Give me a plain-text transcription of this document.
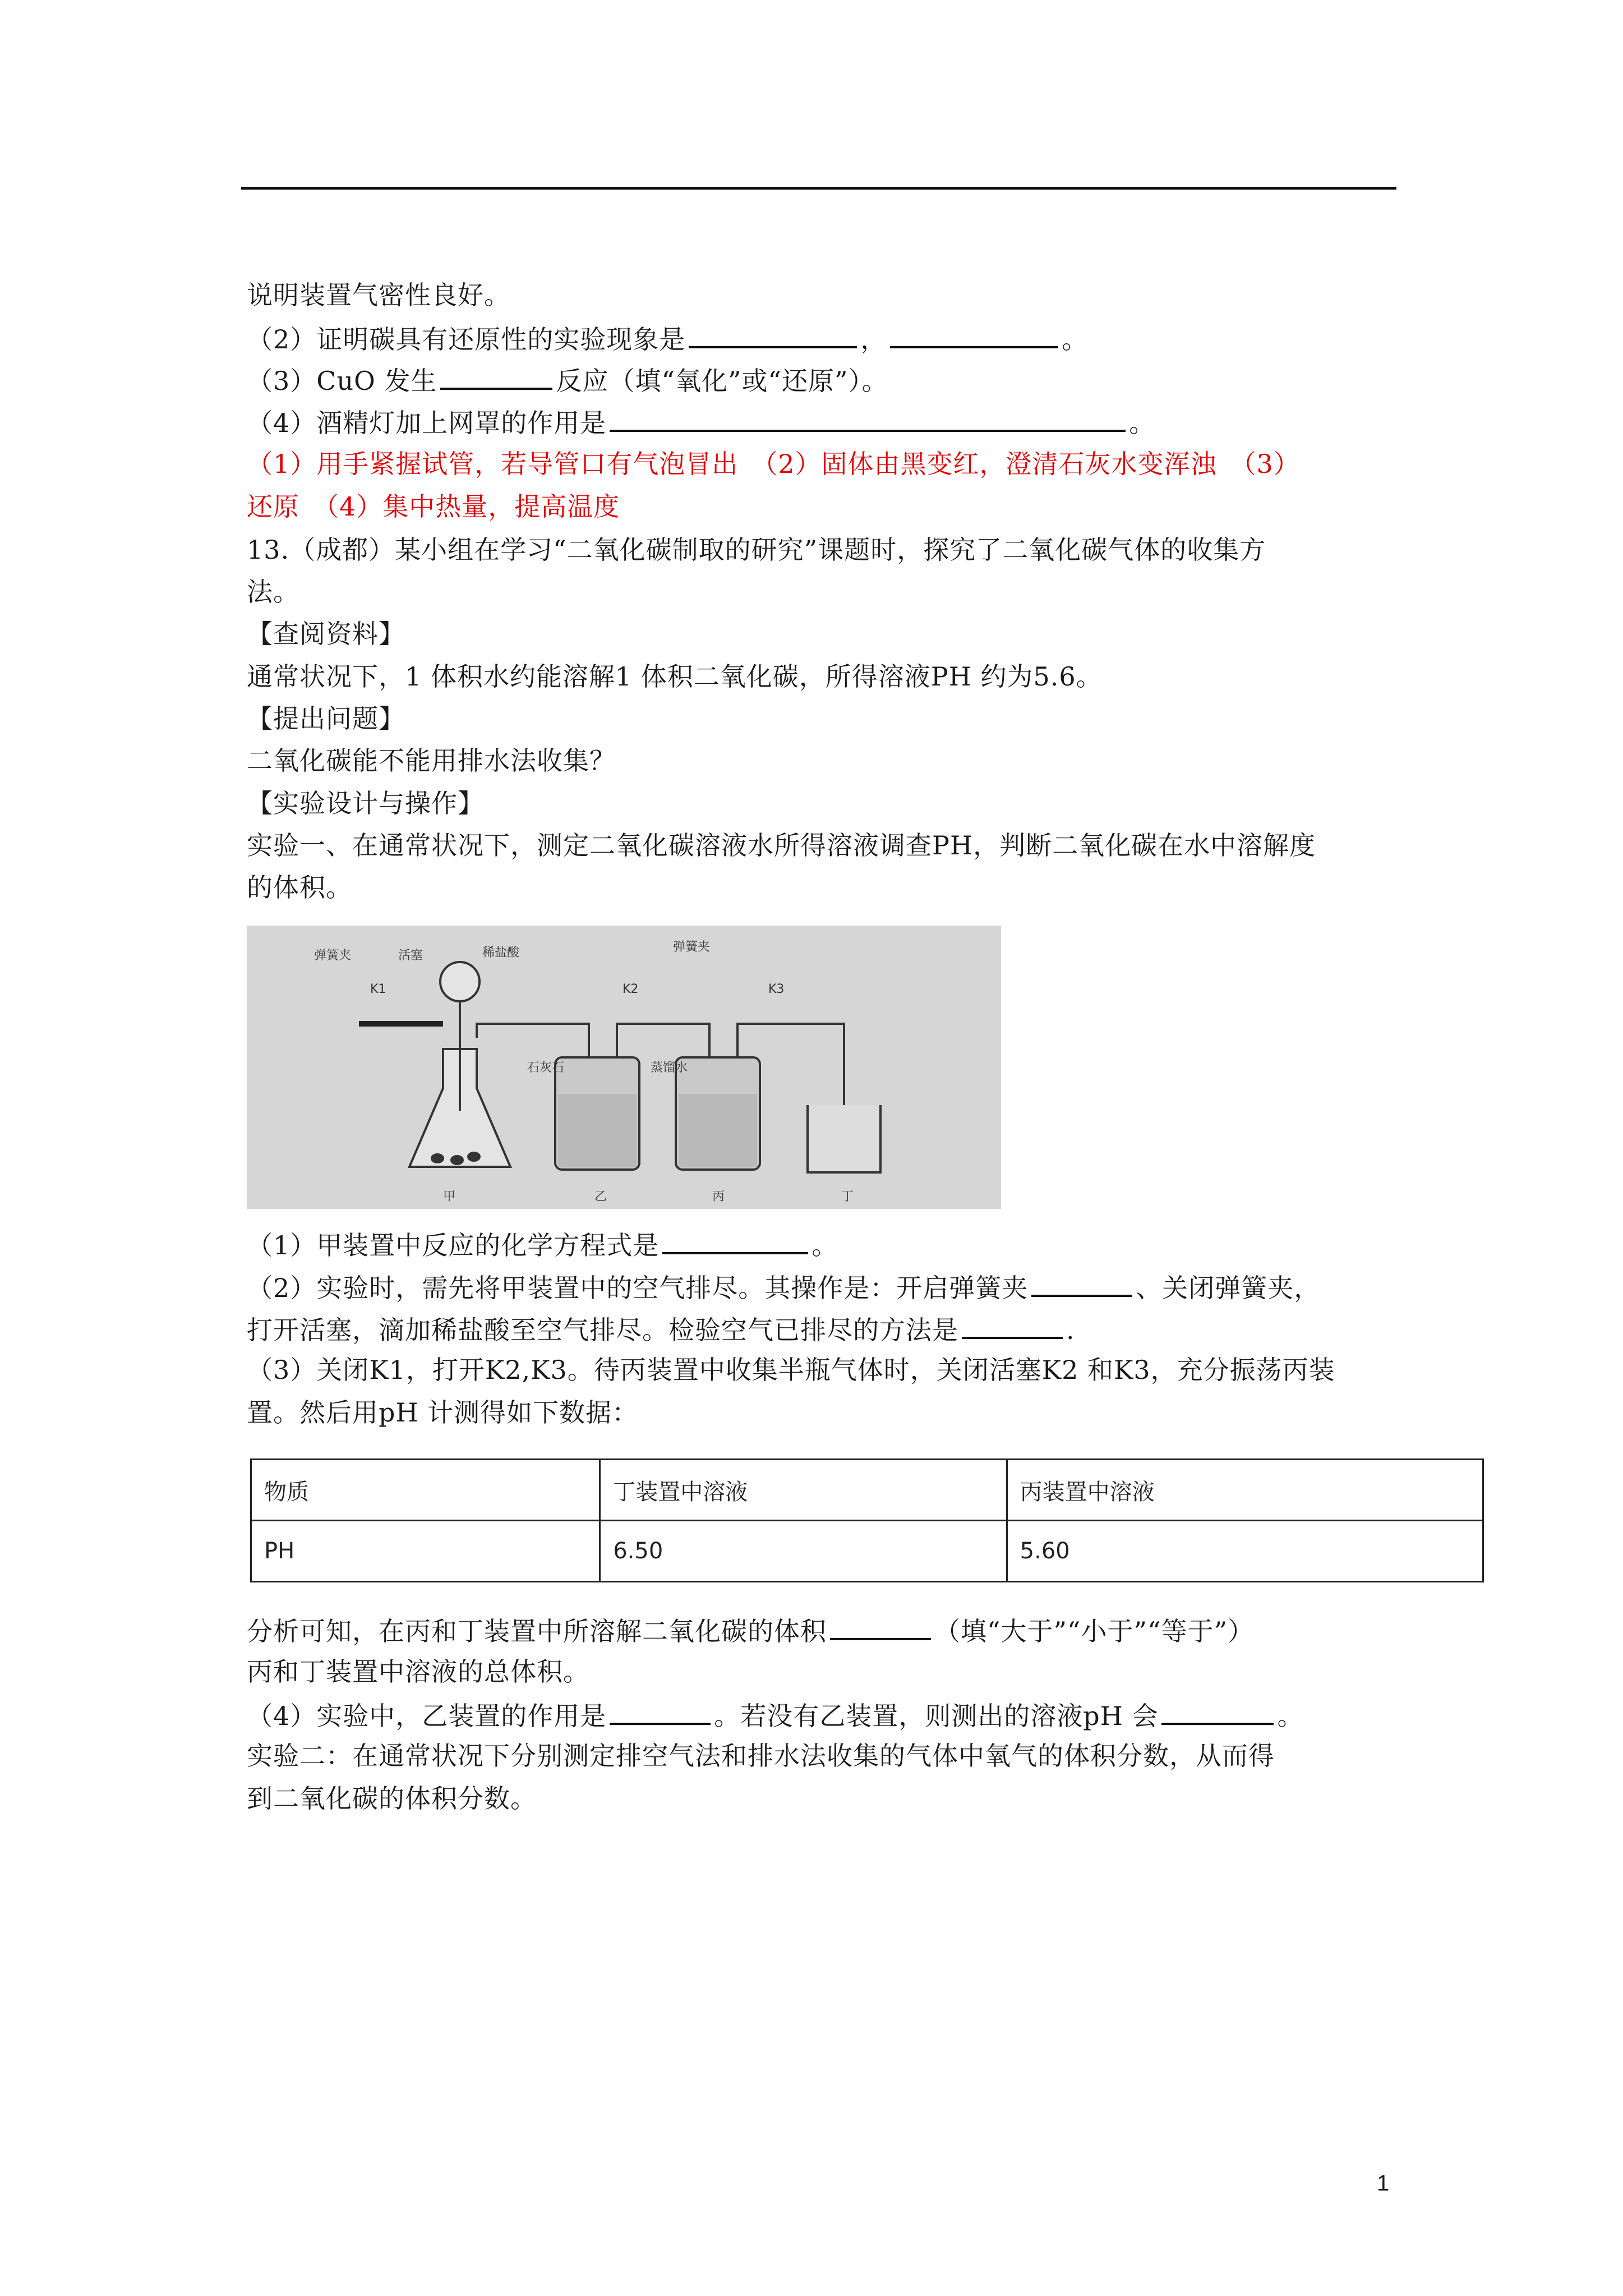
说明装置气密性良好。
（2）证明碳具有还原性的实验现象是	，	。
（3）CuO 发生	反应（填“氧化”或“还原”）。
（4）酒精灯加上网罩的作用是	。
（1）用手紧握试管，若导管口有气泡冒出　（2）固体由黑变红，澄清石灰水变浑浊　（3）
还原　（4）集中热量，提高温度
13.（成都）某小组在学习“二氧化碳制取的研究”课题时，探究了二氧化碳气体的收集方
法。
【查阅资料】
通常状况下，1 体积水约能溶解1 体积二氧化碳，所得溶液PH 约为5.6。
【提出问题】
二氧化碳能不能用排水法收集？
【实验设计与操作】
实验一、在通常状况下，测定二氧化碳溶液水所得溶液调查PH，判断二氧化碳在水中溶解度
的体积。
弹簧夹	活塞	稀盐酸	弹簧夹
K1	K2	K3
石灰石	蒸馏水
甲	乙	丙	丁
（1）甲装置中反应的化学方程式是	。
（2）实验时，需先将甲装置中的空气排尽。其操作是：开启弹簧夹	、关闭弹簧夹，
打开活塞，滴加稀盐酸至空气排尽。检验空气已排尽的方法是	.
（3）关闭K1，打开K2,K3。待丙装置中收集半瓶气体时，关闭活塞K2 和K3，充分振荡丙装
置。然后用pH 计测得如下数据：
物质	丁装置中溶液	丙装置中溶液
PH	6.50	5.60
分析可知，在丙和丁装置中所溶解二氧化碳的体积	（填“大于”“小于”“等于”）
丙和丁装置中溶液的总体积。
（4）实验中，乙装置的作用是	。若没有乙装置，则测出的溶液pH 会	。
实验二：在通常状况下分别测定排空气法和排水法收集的气体中氧气的体积分数，从而得
到二氧化碳的体积分数。
1
